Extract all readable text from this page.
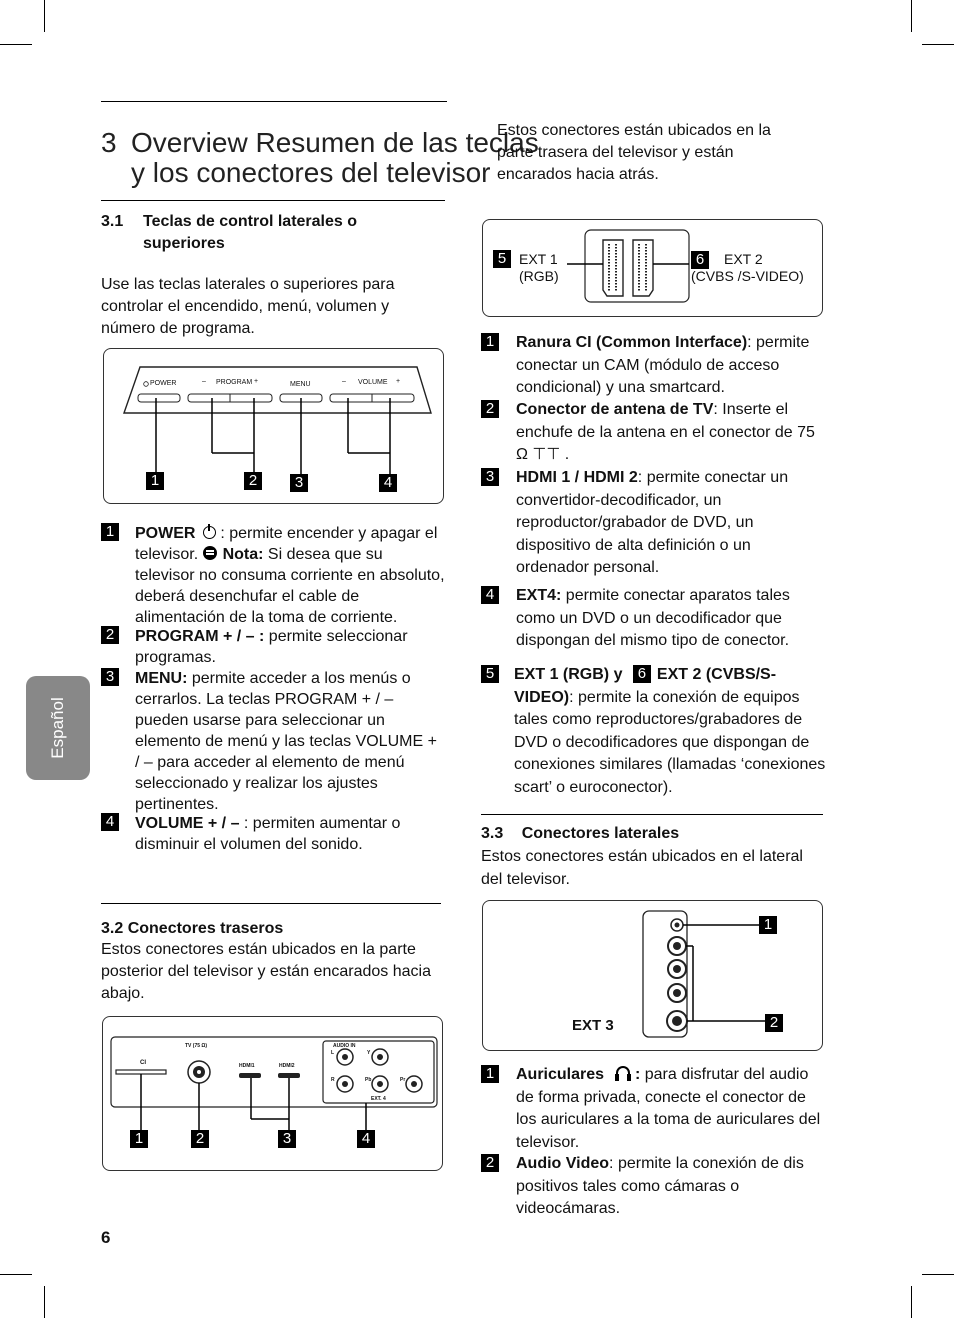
Español
3 Overview Resumen de las teclas
y los conectores del televisor
3.1 Teclas de control laterales o
superiores
Use las teclas laterales o superiores para controlar el encendido, menú, volumen y número de programa.
POWER	– PROGRAM +	MENU	– VOLUME +
1	2	3	4
1	POWER
: permite encender y apagar el televisor.
Nota: Si desea que su televisor no consuma corriente en absoluto, deberá desenchufar el cable de alimentación de la toma de corriente.
2	PROGRAM + / – : permite seleccionar programas.
3	MENU: permite acceder a los menús o cerrarlos. La teclas PROGRAM + / – pueden usarse para seleccionar un elemento de menú y las teclas VOLUME + / – para acceder al elemento de menú seleccionado y realizar los ajustes pertinentes.
4	VOLUME + / – : permiten aumentar o disminuir el volumen del sonido.
3.2 Conectores traseros
Estos conectores están ubicados en la parte posterior del televisor y están encarados hacia abajo.
CI
TV (75 Ω)
HDMI1	HDMI2
AUDIO IN
L
R
Y
Pb	Pr
EXT. 4
1	2	3	4
6
Estos conectores están ubicados en la parte trasera del televisor y están encarados hacia atrás.
5 EXT 1
(RGB)
6	EXT 2
(CVBS /S-VIDEO)
1	Ranura CI (Common Interface): permite conectar un CAM (módulo de acceso condicional) y una smartcard.
2	Conector de antena de TV: Inserte el enchufe de la antena en el conector de 75 Ω ⊤⊤ .
3	HDMI 1 / HDMI 2: permite conectar un convertidor-decodificador, un reproductor/grabador de DVD, un dispositivo de alta definición o un ordenador personal.
4	EXT4: permite conectar aparatos tales como un DVD o un decodificador que dispongan del mismo tipo de conector.
5	EXT 1 (RGB) y 6 EXT 2 (CVBS/S-VIDEO): permite la conexión de equipos tales como reproductores/grabadores de DVD o decodificadores que dispongan de conexiones similares (llamadas ‘conexiones scart’ o euroconector).
3.3 Conectores laterales
Estos conectores están ubicados en el lateral del televisor.
1
2
EXT 3
1	Auriculares
: para disfrutar del audio de forma privada, conecte el conector de los auriculares a la toma de auriculares del televisor.
2	Audio Video: permite la conexión de dis positivos tales como cámaras o videocámaras.
